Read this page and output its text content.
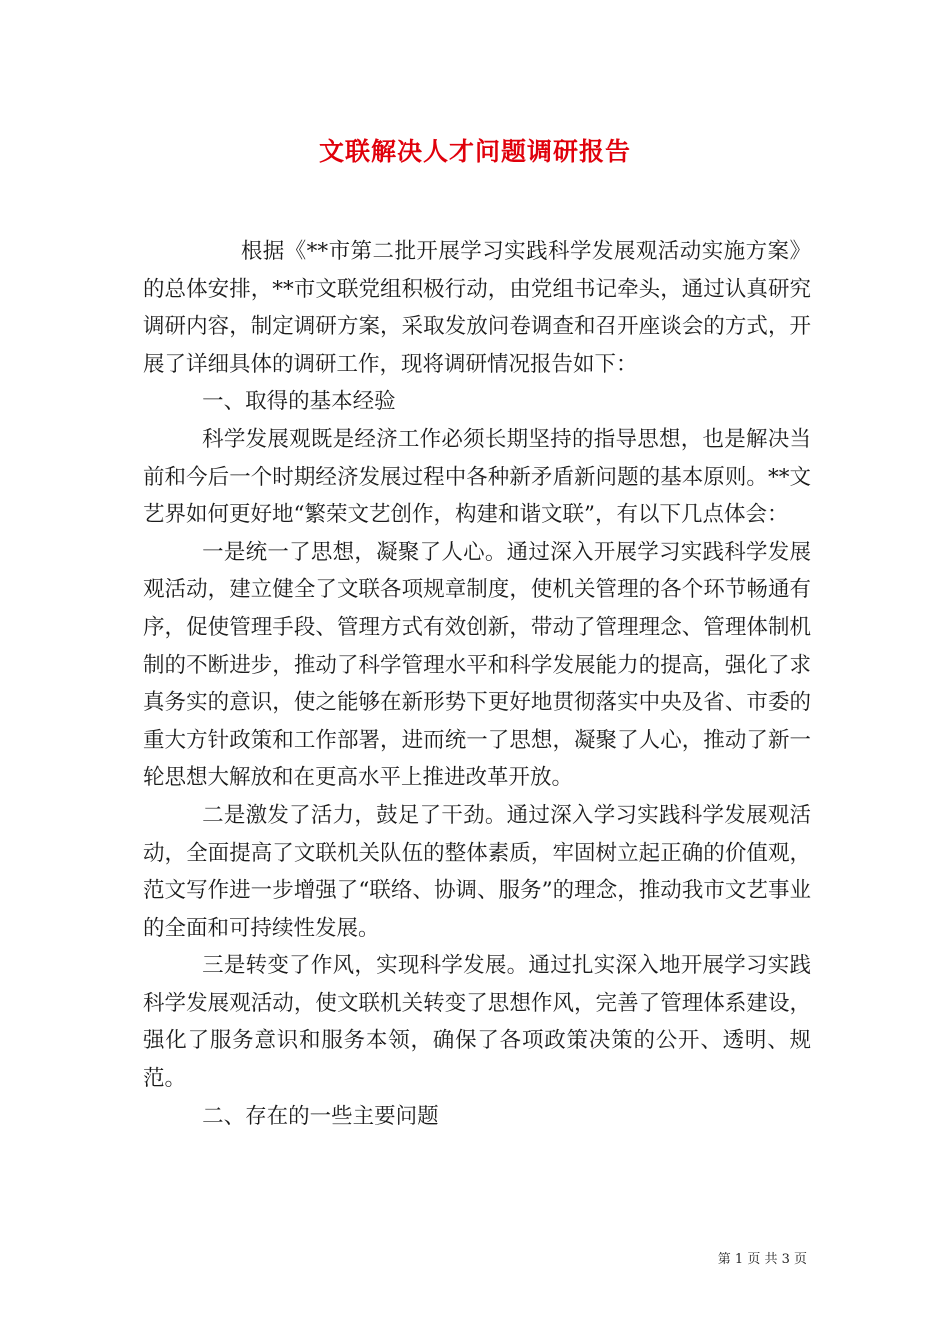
文联解决人才问题调研报告

根据《**市第二批开展学习实践科学发展观活动实施方案》的总体安排，**市文联党组积极行动，由党组书记牵头，通过认真研究调研内容，制定调研方案，采取发放问卷调查和召开座谈会的方式，开展了详细具体的调研工作，现将调研情况报告如下：

一、取得的基本经验

科学发展观既是经济工作必须长期坚持的指导思想，也是解决当前和今后一个时期经济发展过程中各种新矛盾新问题的基本原则。**文艺界如何更好地“繁荣文艺创作，构建和谐文联”，有以下几点体会：

一是统一了思想，凝聚了人心。通过深入开展学习实践科学发展观活动，建立健全了文联各项规章制度，使机关管理的各个环节畅通有序，促使管理手段、管理方式有效创新，带动了管理理念、管理体制机制的不断进步，推动了科学管理水平和科学发展能力的提高，强化了求真务实的意识，使之能够在新形势下更好地贯彻落实中央及省、市委的重大方针政策和工作部署，进而统一了思想，凝聚了人心，推动了新一轮思想大解放和在更高水平上推进改革开放。

二是激发了活力，鼓足了干劲。通过深入学习实践科学发展观活动，全面提高了文联机关队伍的整体素质，牢固树立起正确的价值观，范文写作进一步增强了“联络、协调、服务”的理念，推动我市文艺事业的全面和可持续性发展。

三是转变了作风，实现科学发展。通过扎实深入地开展学习实践科学发展观活动，使文联机关转变了思想作风，完善了管理体系建设，强化了服务意识和服务本领，确保了各项政策决策的公开、透明、规范。

二、存在的一些主要问题

第 1 页 共 3 页
